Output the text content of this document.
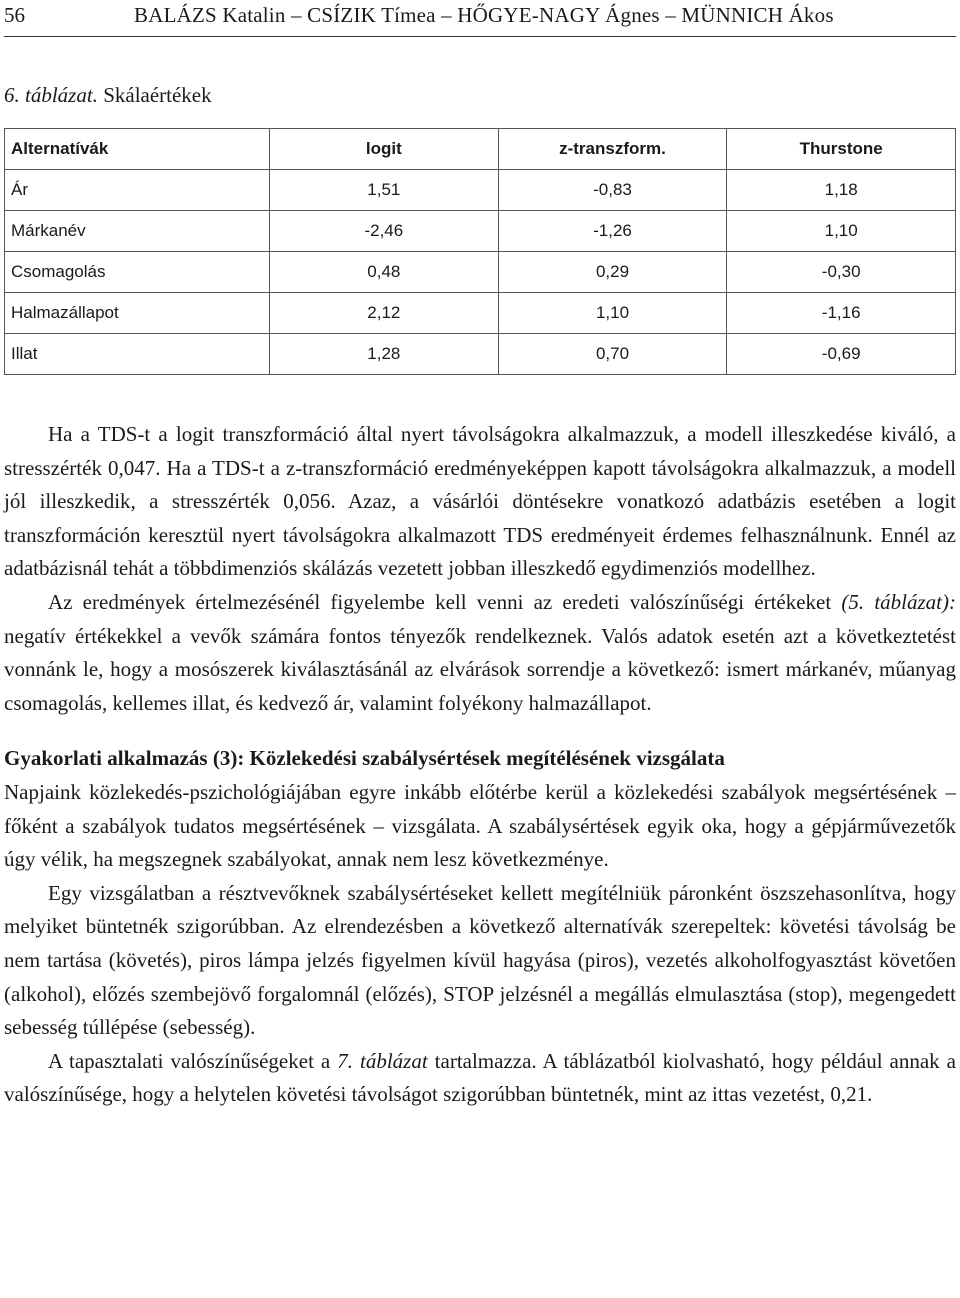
56	BALÁZS Katalin – CSÍZIK Tímea – HŐGYE-NAGY Ágnes – MÜNNICH Ákos
6. táblázat. Skálaértékek
Alternatívák	logit	z-transzform.	Thurstone
Ár	1,51	-0,83	1,18
Márkanév	-2,46	-1,26	1,10
Csomagolás	0,48	0,29	-0,30
Halmazállapot	2,12	1,10	-1,16
Illat	1,28	0,70	-0,69

Ha a TDS-t a logit transzformáció által nyert távolságokra alkalmazzuk, a modell illeszkedése kiváló, a stresszérték 0,047. Ha a TDS-t a z-transzformáció eredményeképpen kapott távolságokra alkalmazzuk, a modell jól illeszkedik, a stresszérték 0,056. Azaz, a vásárlói döntésekre vonatkozó adatbázis esetében a logit transzformáción keresztül nyert távolságokra alkalmazott TDS eredményeit érdemes felhasználnunk. Ennél az adatbázisnál tehát a többdimenziós skálázás vezetett jobban illeszkedő egydimenziós modellhez.

Az eredmények értelmezésénél figyelembe kell venni az eredeti valószínűségi értékeket (5. táblázat): negatív értékekkel a vevők számára fontos tényezők rendelkeznek. Valós adatok esetén azt a következtetést vonnánk le, hogy a mosószerek kiválasztásánál az elvárások sorrendje a következő: ismert márkanév, műanyag csomagolás, kellemes illat, és kedvező ár, valamint folyékony halmazállapot.

Gyakorlati alkalmazás (3): Közlekedési szabálysértések megítélésének vizsgálata

Napjaink közlekedés-pszichológiájában egyre inkább előtérbe kerül a közlekedési szabályok megsértésének – főként a szabályok tudatos megsértésének – vizsgálata. A szabálysértések egyik oka, hogy a gépjárművezetők úgy vélik, ha megszegnek szabályokat, annak nem lesz következménye.

Egy vizsgálatban a résztvevőknek szabálysértéseket kellett megítélniük páronként öszszehasonlítva, hogy melyiket büntetnék szigorúbban. Az elrendezésben a következő alternatívák szerepeltek: követési távolság be nem tartása (követés), piros lámpa jelzés figyelmen kívül hagyása (piros), vezetés alkoholfogyasztást követően (alkohol), előzés szembejövő forgalomnál (előzés), STOP jelzésnél a megállás elmulasztása (stop), megengedett sebesség túllépése (sebesség).

A tapasztalati valószínűségeket a 7. táblázat tartalmazza. A táblázatból kiolvasható, hogy például annak a valószínűsége, hogy a helytelen követési távolságot szigorúbban büntetnék, mint az ittas vezetést, 0,21.
